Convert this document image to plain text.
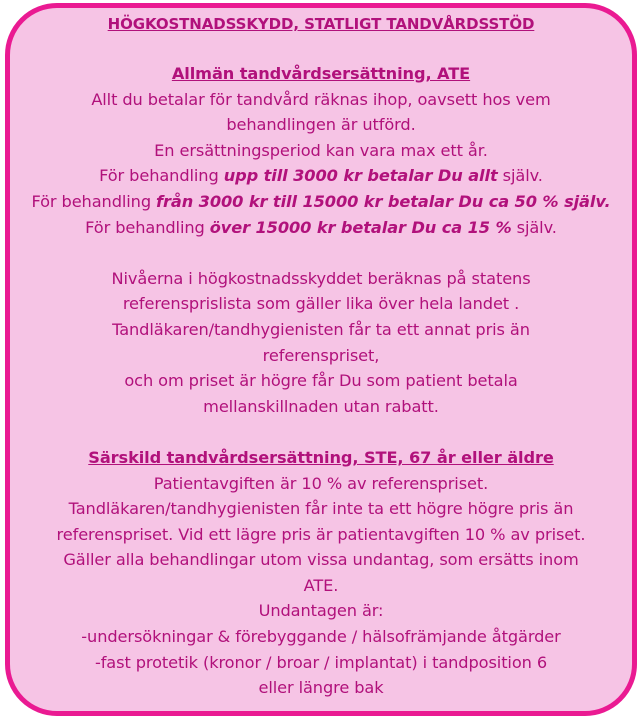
HÖGKOSTNADSSKYDD, STATLIGT TANDVÅRDSSTÖD
Allmän tandvårdsersättning, ATE
Allt du betalar för tandvård räknas ihop, oavsett hos vem
behandlingen är utförd.
En ersättningsperiod kan vara max ett år.
För behandling upp till 3000 kr betalar Du allt själv.
För behandling från 3000 kr till 15000 kr betalar Du ca 50 % själv.
För behandling över 15000 kr betalar Du ca 15 % själv.
Nivåerna i högkostnadsskyddet beräknas på statens
referensprislista som gäller lika över hela landet .
Tandläkaren/tandhygienisten får ta ett annat pris än
referenspriset,
och om priset är högre får Du som patient betala
mellanskillnaden utan rabatt.
Särskild tandvårdsersättning, STE, 67 år eller äldre
Patientavgiften är 10 % av referenspriset.
Tandläkaren/tandhygienisten får inte ta ett högre högre pris än
referenspriset. Vid ett lägre pris är patientavgiften 10 % av priset.
Gäller alla behandlingar utom vissa undantag, som ersätts inom
ATE.
Undantagen är:
-undersökningar & förebyggande / hälsofrämjande åtgärder
-fast protetik (kronor / broar / implantat) i tandposition 6
eller längre bak
